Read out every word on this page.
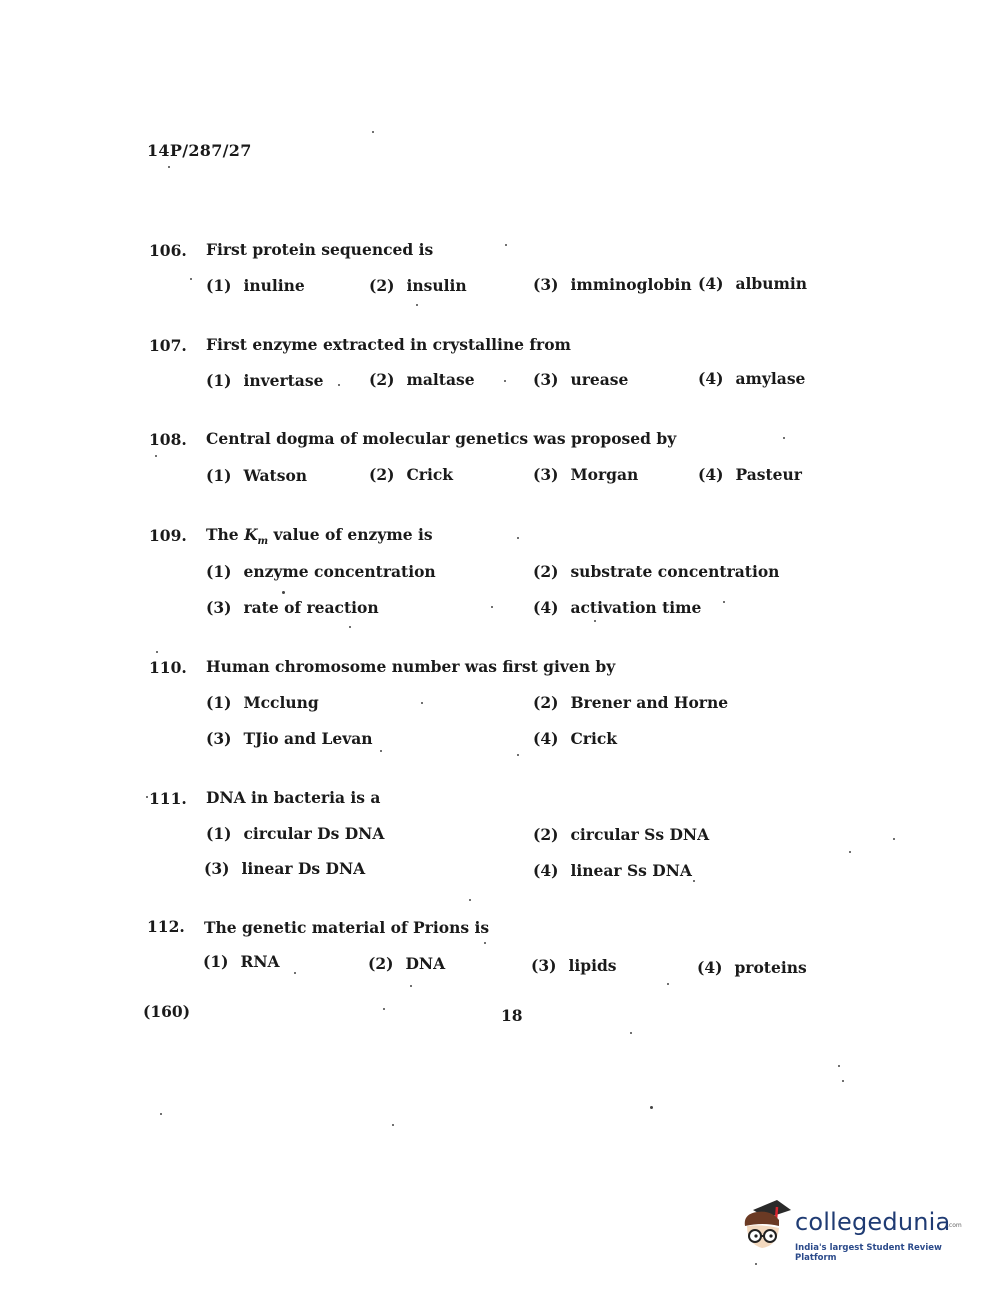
14P/287/27
106. First protein sequenced is
(1) inuline	(2) insulin	(3) imminoglobin (4) albumin
107. First enzyme extracted in crystalline from
(1) invertase	(2) maltase	(3) urease	(4) amylase
108. Central dogma of molecular genetics was proposed by
(1) Watson	(2) Crick	(3) Morgan	(4) Pasteur
109. The $K_m$ value of enzyme is
(1) enzyme concentration	(2) substrate concentration
(3) rate of reaction	(4) activation time
110. Human chromosome number was first given by
(1) Mcclung	(2) Brener and Horne
(3) TJio and Levan	(4) Crick
111. DNA in bacteria is a
(1) circular Ds DNA	(2) circular Ss DNA
(3) linear Ds DNA	(4) linear Ss DNA
112. The genetic material of Prions is
(1) RNA	(2) DNA	(3) lipids	(4) proteins
(160)	18
collegedunia
.com
India's largest Student Review Platform
